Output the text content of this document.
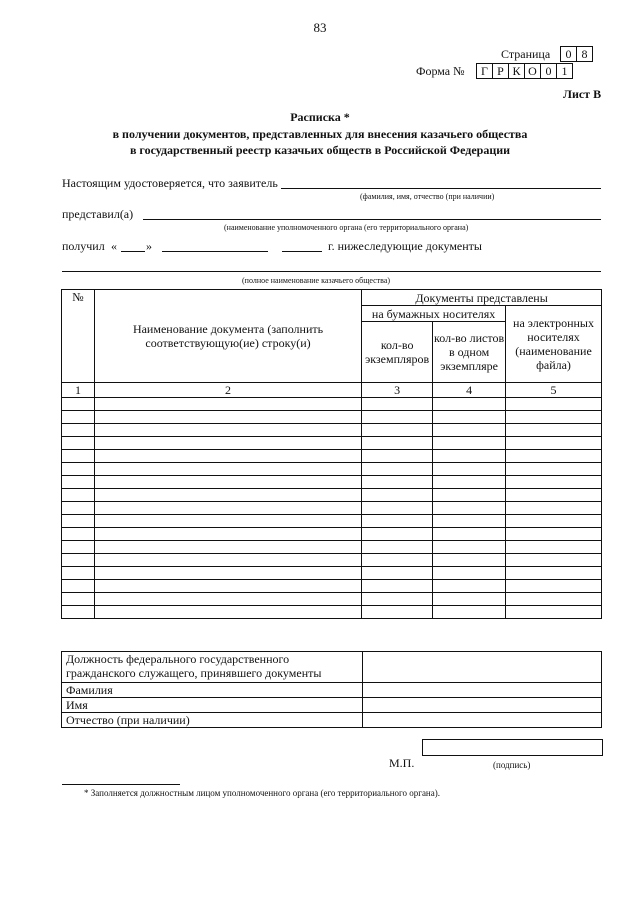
83
Страница 0	8
Форма № Г	Р	К	О	0	1
Лист В
Расписка *
в получении документов, представленных для внесения казачьего общества
в государственный реестр казачьих обществ в Российской Федерации
Настоящим удостоверяется, что заявитель
(фамилия, имя, отчество (при наличии)
представил(а)
(наименование уполномоченного органа (его территориального органа)
получил « »	г. нижеследующие документы
(полное наименование казачьего общества)
№	Наименование документа (заполнить соответствующую(ие) строку(и)	Документы представлены		
		на бумажных носителях		на электронных носителях (наименование файла)
		кол-во экземпляров	кол-во листов в одном экземпляре	
1	2	3	4	5

Должность федерального государственного гражданского служащего, принявшего документы	
Фамилия	
Имя	
Отчество (при наличии)	
М.П.	(подпись)
* Заполняется должностным лицом уполномоченного органа (его территориального органа).
